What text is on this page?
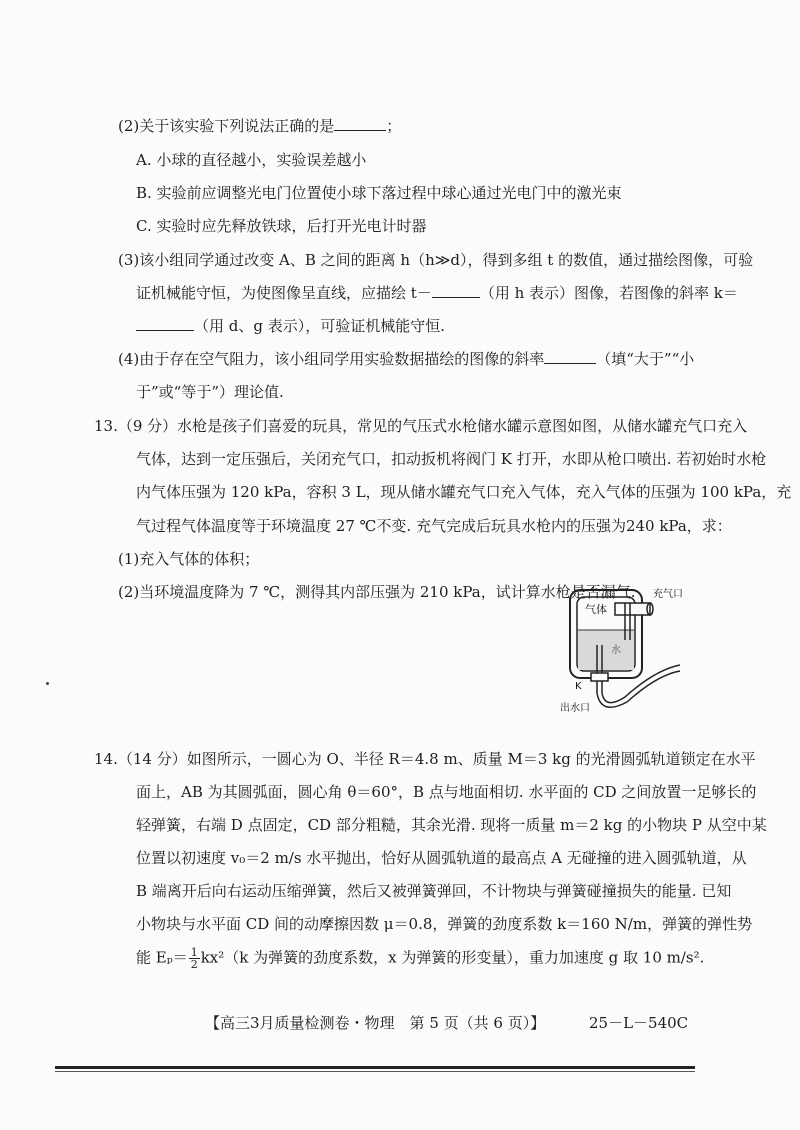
(2)关于该实验下列说法正确的是	；
A. 小球的直径越小，实验误差越小
B. 实验前应调整光电门位置使小球下落过程中球心通过光电门中的激光束
C. 实验时应先释放铁球，后打开光电计时器
(3)该小组同学通过改变 A、B 之间的距离 h（h≫d），得到多组 t 的数值，通过描绘图像，可验
证机械能守恒，为使图像呈直线，应描绘 t－	（用 h 表示）图像，若图像的斜率 k＝
（用 d、g 表示），可验证机械能守恒.
(4)由于存在空气阻力，该小组同学用实验数据描绘的图像的斜率	（填“大于”“小
于”或“等于”）理论值.
13.（9 分）水枪是孩子们喜爱的玩具，常见的气压式水枪储水罐示意图如图，从储水罐充气口充入
气体，达到一定压强后，关闭充气口，扣动扳机将阀门 K 打开，水即从枪口喷出. 若初始时水枪
内气体压强为 120 kPa，容积 3 L，现从储水罐充气口充入气体，充入气体的压强为 100 kPa，充
气过程气体温度等于环境温度 27 ℃不变. 充气完成后玩具水枪内的压强为240 kPa，求：
(1)充入气体的体积；
(2)当环境温度降为 7 ℃，测得其内部压强为 210 kPa，试计算水枪是否漏气.
气体
充气口
水
K
出水口
14.（14 分）如图所示，一圆心为 O、半径 R＝4.8 m、质量 M＝3 kg 的光滑圆弧轨道锁定在水平
面上，AB 为其圆弧面，圆心角 θ＝60°，B 点与地面相切. 水平面的 CD 之间放置一足够长的
轻弹簧，右端 D 点固定，CD 部分粗糙，其余光滑. 现将一质量 m＝2 kg 的小物块 P 从空中某
位置以初速度 v₀＝2 m/s 水平抛出，恰好从圆弧轨道的最高点 A 无碰撞的进入圆弧轨道，从
B 端离开后向右运动压缩弹簧，然后又被弹簧弹回，不计物块与弹簧碰撞损失的能量. 已知
小物块与水平面 CD 间的动摩擦因数 μ＝0.8，弹簧的劲度系数 k＝160 N/m，弹簧的弹性势
能 $E_p= \frac{1}{2} kx^2(k$ 为弹簧的劲度系数，x 为弹簧的形变量），重力加速度 g 取 10 m/s².
【高三3月质量检测卷・物理　第 5 页（共 6 页）】	25－L－540C
